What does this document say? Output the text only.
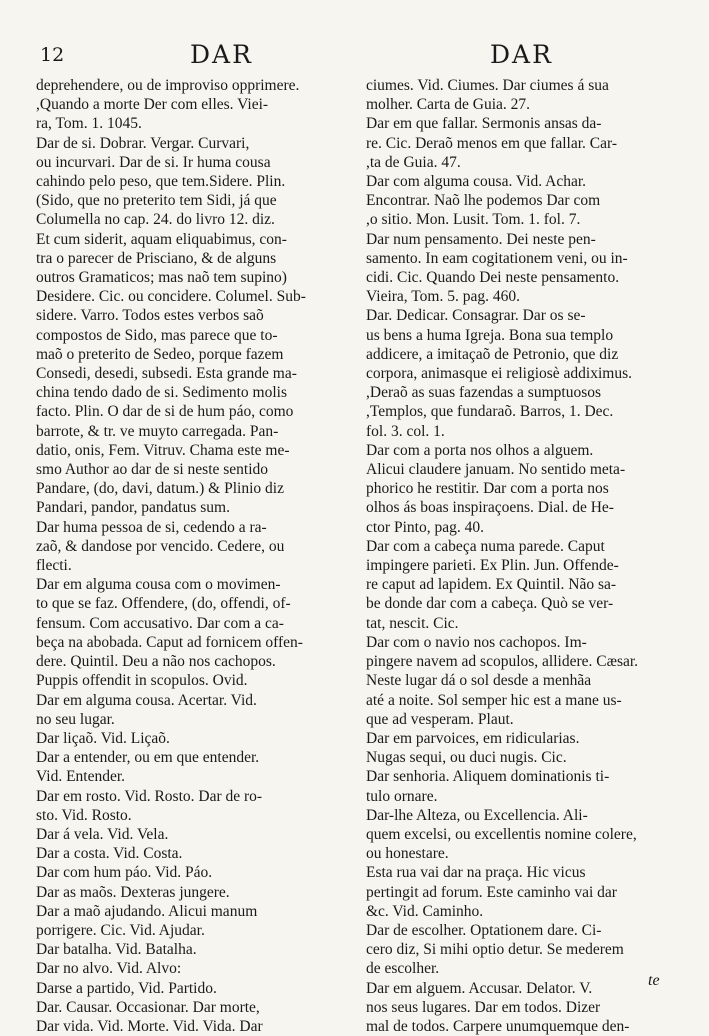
12	DAR	DAR
deprehendere, ou de improviso opprimere.
,Quando a morte Der com elles. Viei-
ra, Tom. 1. 1045.
Dar de si. Dobrar. Vergar. Curvari,
ou incurvari. Dar de si. Ir huma cousa
cahindo pelo peso, que tem.Sidere. Plin.
(Sido, que no preterito tem Sidi, já que
Columella no cap. 24. do livro 12. diz.
Et cum siderit, aquam eliquabimus, con-
tra o parecer de Prisciano, & de alguns
outros Gramaticos; mas naõ tem supino)
Desidere. Cic. ou concidere. Columel. Sub-
sidere. Varro. Todos estes verbos saõ
compostos de Sido, mas parece que to-
maõ o preterito de Sedeo, porque fazem
Consedi, desedi, subsedi. Esta grande ma-
china tendo dado de si. Sedimento molis
facto. Plin. O dar de si de hum páo, como
barrote, & tr. ve muyto carregada. Pan-
datio, onis, Fem. Vitruv. Chama este me-
smo Author ao dar de si neste sentido
Pandare, (do, davi, datum.) & Plinio diz
Pandari, pandor, pandatus sum.
Dar huma pessoa de si, cedendo a ra-
zaõ, & dandose por vencido. Cedere, ou
flecti.
Dar em alguma cousa com o movimen-
to que se faz. Offendere, (do, offendi, of-
fensum. Com accusativo. Dar com a ca-
beça na abobada. Caput ad fornicem offen-
dere. Quintil. Deu a não nos cachopos.
Puppis offendit in scopulos. Ovid.
Dar em alguma cousa. Acertar. Vid.
no seu lugar.
Dar liçaõ. Vid. Liçaõ.
Dar a entender, ou em que entender.
Vid. Entender.
Dar em rosto. Vid. Rosto. Dar de ro-
sto. Vid. Rosto.
Dar á vela. Vid. Vela.
Dar a costa. Vid. Costa.
Dar com hum páo. Vid. Páo.
Dar as maõs. Dexteras jungere.
Dar a maõ ajudando. Alicui manum
porrigere. Cic. Vid. Ajudar.
Dar batalha. Vid. Batalha.
Dar no alvo. Vid. Alvo:
Darse a partido, Vid. Partido.
Dar. Causar. Occasionar. Dar morte,
Dar vida. Vid. Morte. Vid. Vida. Dar
ciumes. Vid. Ciumes. Dar ciumes á sua
molher. Carta de Guia. 27.
Dar em que fallar. Sermonis ansas da-
re. Cic. Deraõ menos em que fallar. Car-
,ta de Guia. 47.
Dar com alguma cousa. Vid. Achar.
Encontrar. Naõ lhe podemos Dar com
,o sitio. Mon. Lusit. Tom. 1. fol. 7.
Dar num pensamento. Dei neste pen-
samento. In eam cogitationem veni, ou in-
cidi. Cic. Quando Dei neste pensamento.
Vieira, Tom. 5. pag. 460.
Dar. Dedicar. Consagrar. Dar os se-
us bens a huma Igreja. Bona sua templo
addicere, a imitaçaõ de Petronio, que diz
corpora, animasque ei religiosè addiximus.
,Deraõ as suas fazendas a sumptuosos
,Templos, que fundaraõ. Barros, 1. Dec.
fol. 3. col. 1.
Dar com a porta nos olhos a alguem.
Alicui claudere januam. No sentido meta-
phorico he restitir. Dar com a porta nos
olhos ás boas inspiraçoens. Dial. de He-
ctor Pinto, pag. 40.
Dar com a cabeça numa parede. Caput
impingere parieti. Ex Plin. Jun. Offende-
re caput ad lapidem. Ex Quintil. Não sa-
be donde dar com a cabeça. Quò se ver-
tat, nescit. Cic.
Dar com o navio nos cachopos. Im-
pingere navem ad scopulos, allidere. Cæsar.
Neste lugar dá o sol desde a menhãa
até a noite. Sol semper hic est a mane us-
que ad vesperam. Plaut.
Dar em parvoices, em ridicularias.
Nugas sequi, ou duci nugis. Cic.
Dar senhoria. Aliquem dominationis ti-
tulo ornare.
Dar-lhe Alteza, ou Excellencia. Ali-
quem excelsi, ou excellentis nomine colere,
ou honestare.
Esta rua vai dar na praça. Hic vicus
pertingit ad forum. Este caminho vai dar
&c. Vid. Caminho.
Dar de escolher. Optationem dare. Ci-
cero diz, Si mihi optio detur. Se mederem
de escolher.
Dar em alguem. Accusar. Delator. V.
nos seus lugares. Dar em todos. Dizer
mal de todos. Carpere unumquemque den-
te
